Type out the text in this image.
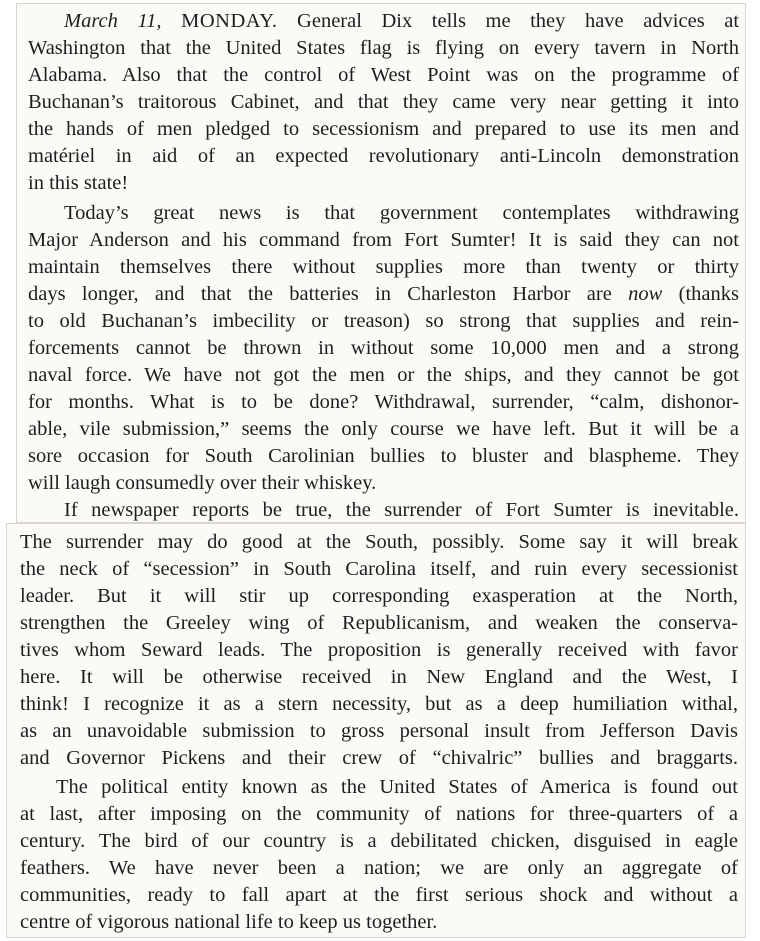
March 11, MONDAY. General Dix tells me they have advices at
Washington that the United States flag is flying on every tavern in North
Alabama. Also that the control of West Point was on the programme of
Buchanan’s traitorous Cabinet, and that they came very near getting it into
the hands of men pledged to secessionism and prepared to use its men and
matériel in aid of an expected revolutionary anti-Lincoln demonstration
in this state!
Today’s great news is that government contemplates withdrawing
Major Anderson and his command from Fort Sumter! It is said they can not
maintain themselves there without supplies more than twenty or thirty
days longer, and that the batteries in Charleston Harbor are now (thanks
to old Buchanan’s imbecility or treason) so strong that supplies and rein-
forcements cannot be thrown in without some 10,000 men and a strong
naval force. We have not got the men or the ships, and they cannot be got
for months. What is to be done? Withdrawal, surrender, “calm, dishonor-
able, vile submission,” seems the only course we have left. But it will be a
sore occasion for South Carolinian bullies to bluster and blaspheme. They
will laugh consumedly over their whiskey.
If newspaper reports be true, the surrender of Fort Sumter is inevitable.
The surrender may do good at the South, possibly. Some say it will break
the neck of “secession” in South Carolina itself, and ruin every secessionist
leader. But it will stir up corresponding exasperation at the North,
strengthen the Greeley wing of Republicanism, and weaken the conserva-
tives whom Seward leads. The proposition is generally received with favor
here. It will be otherwise received in New England and the West, I
think! I recognize it as a stern necessity, but as a deep humiliation withal,
as an unavoidable submission to gross personal insult from Jefferson Davis
and Governor Pickens and their crew of “chivalric” bullies and braggarts.
The political entity known as the United States of America is found out
at last, after imposing on the community of nations for three-quarters of a
century. The bird of our country is a debilitated chicken, disguised in eagle
feathers. We have never been a nation; we are only an aggregate of
communities, ready to fall apart at the first serious shock and without a
centre of vigorous national life to keep us together.
